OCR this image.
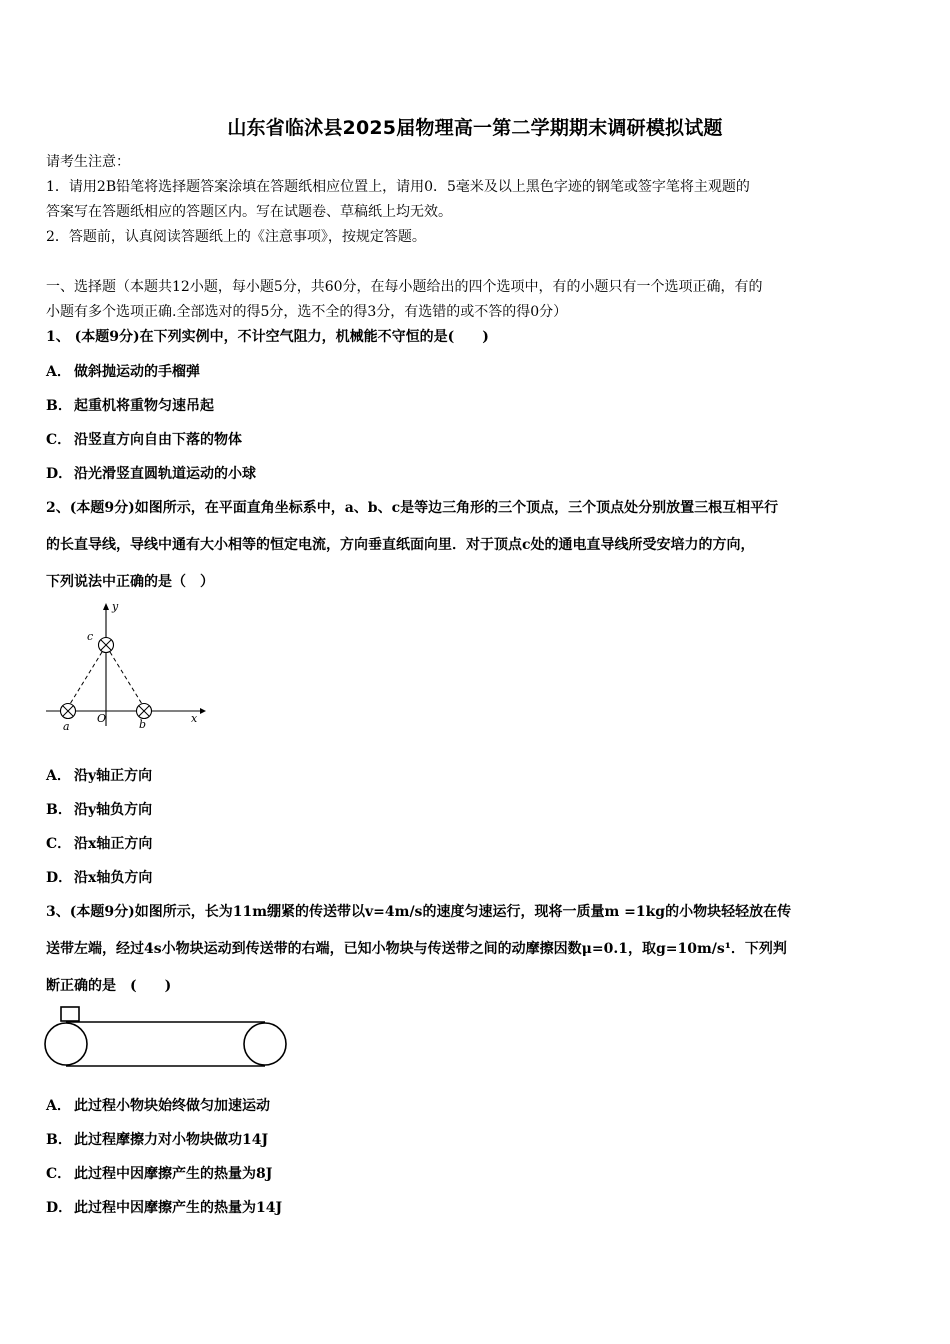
山东省临沭县2025届物理高一第二学期期末调研模拟试题
请考生注意：
1．请用2B铅笔将选择题答案涂填在答题纸相应位置上，请用0．5毫米及以上黑色字迹的钢笔或签字笔将主观题的
答案写在答题纸相应的答题区内。写在试题卷、草稿纸上均无效。
2．答题前，认真阅读答题纸上的《注意事项》，按规定答题。
一、选择题（本题共12小题，每小题5分，共60分，在每小题给出的四个选项中，有的小题只有一个选项正确，有的
小题有多个选项正确.全部选对的得5分，选不全的得3分，有选错的或不答的得0分）
1、 (本题9分)在下列实例中，不计空气阻力，机械能不守恒的是(　　)
A． 做斜抛运动的手榴弹
B． 起重机将重物匀速吊起
C． 沿竖直方向自由下落的物体
D． 沿光滑竖直圆轨道运动的小球
2、(本题9分)如图所示，在平面直角坐标系中，a、b、c是等边三角形的三个顶点，三个顶点处分别放置三根互相平行
的长直导线，导线中通有大小相等的恒定电流，方向垂直纸面向里．对于顶点c处的通电直导线所受安培力的方向，
下列说法中正确的是（　）
y
x
c
O
a	b
A． 沿y轴正方向
B． 沿y轴负方向
C． 沿x轴正方向
D． 沿x轴负方向
3、(本题9分)如图所示，长为11m绷紧的传送带以v=4m/s的速度匀速运行，现将一质量m =1kg的小物块轻轻放在传
送带左端，经过4s小物块运动到传送带的右端，已知小物块与传送带之间的动摩擦因数μ=0.1，取g=10m/s¹．下列判
断正确的是　(　　)
A． 此过程小物块始终做匀加速运动
B． 此过程摩擦力对小物块做功14J
C． 此过程中因摩擦产生的热量为8J
D． 此过程中因摩擦产生的热量为14J
